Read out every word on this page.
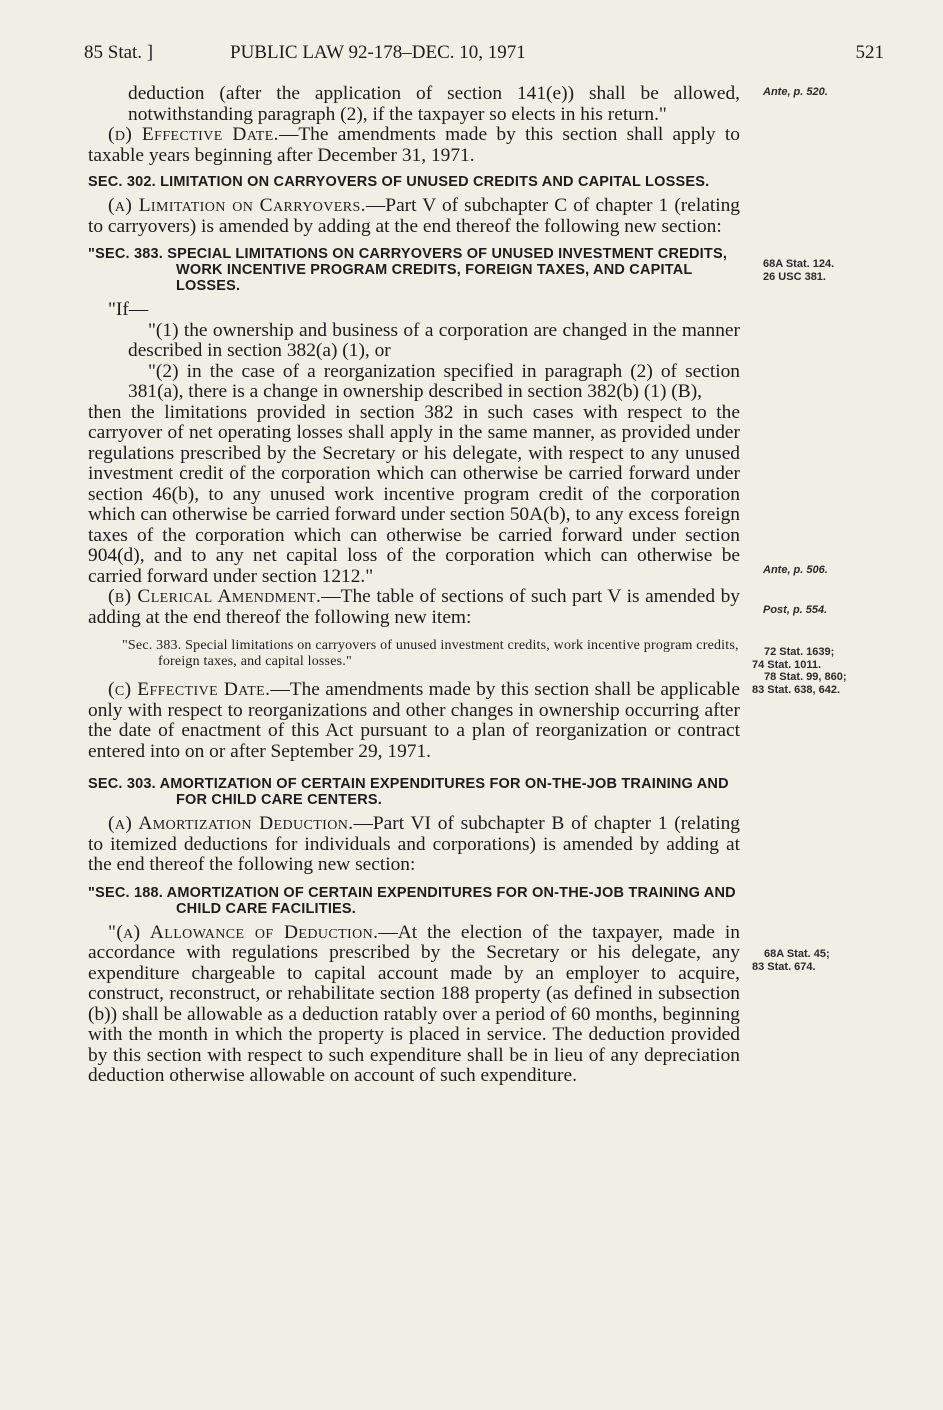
85 Stat. ]	PUBLIC LAW 92-178–DEC. 10, 1971	521

deduction (after the application of section 141(e)) shall be allowed, notwithstanding paragraph (2), if the taxpayer so elects in his return."

(d) Effective Date.—The amendments made by this section shall apply to taxable years beginning after December 31, 1971.

SEC. 302. LIMITATION ON CARRYOVERS OF UNUSED CREDITS AND CAPITAL LOSSES.

(a) Limitation on Carryovers.—Part V of subchapter C of chapter 1 (relating to carryovers) is amended by adding at the end thereof the following new section:

"SEC. 383. SPECIAL LIMITATIONS ON CARRYOVERS OF UNUSED INVESTMENT CREDITS, WORK INCENTIVE PROGRAM CREDITS, FOREIGN TAXES, AND CAPITAL LOSSES.

"If—

"(1) the ownership and business of a corporation are changed in the manner described in section 382(a) (1), or

"(2) in the case of a reorganization specified in paragraph (2) of section 381(a), there is a change in ownership described in section 382(b) (1) (B),

then the limitations provided in section 382 in such cases with respect to the carryover of net operating losses shall apply in the same manner, as provided under regulations prescribed by the Secretary or his delegate, with respect to any unused investment credit of the corporation which can otherwise be carried forward under section 46(b), to any unused work incentive program credit of the corporation which can otherwise be carried forward under section 50A(b), to any excess foreign taxes of the corporation which can otherwise be carried forward under section 904(d), and to any net capital loss of the corporation which can otherwise be carried forward under section 1212."

(b) Clerical Amendment.—The table of sections of such part V is amended by adding at the end thereof the following new item:

"Sec. 383. Special limitations on carryovers of unused investment credits, work incentive program credits, foreign taxes, and capital losses."

(c) Effective Date.—The amendments made by this section shall be applicable only with respect to reorganizations and other changes in ownership occurring after the date of enactment of this Act pursuant to a plan of reorganization or contract entered into on or after September 29, 1971.

SEC. 303. AMORTIZATION OF CERTAIN EXPENDITURES FOR ON-THE-JOB TRAINING AND FOR CHILD CARE CENTERS.

(a) Amortization Deduction.—Part VI of subchapter B of chapter 1 (relating to itemized deductions for individuals and corporations) is amended by adding at the end thereof the following new section:

"SEC. 188. AMORTIZATION OF CERTAIN EXPENDITURES FOR ON-THE-JOB TRAINING AND CHILD CARE FACILITIES.

"(a) Allowance of Deduction.—At the election of the taxpayer, made in accordance with regulations prescribed by the Secretary or his delegate, any expenditure chargeable to capital account made by an employer to acquire, construct, reconstruct, or rehabilitate section 188 property (as defined in subsection (b)) shall be allowable as a deduction ratably over a period of 60 months, beginning with the month in which the property is placed in service. The deduction provided by this section with respect to such expenditure shall be in lieu of any depreciation deduction otherwise allowable on account of such expenditure.

Ante, p. 520.
68A Stat. 124.
26 USC 381.
Ante, p. 506.
Post, p. 554.
72 Stat. 1639;
74 Stat. 1011.
78 Stat. 99, 860;
83 Stat. 638, 642.
68A Stat. 45;
83 Stat. 674.
